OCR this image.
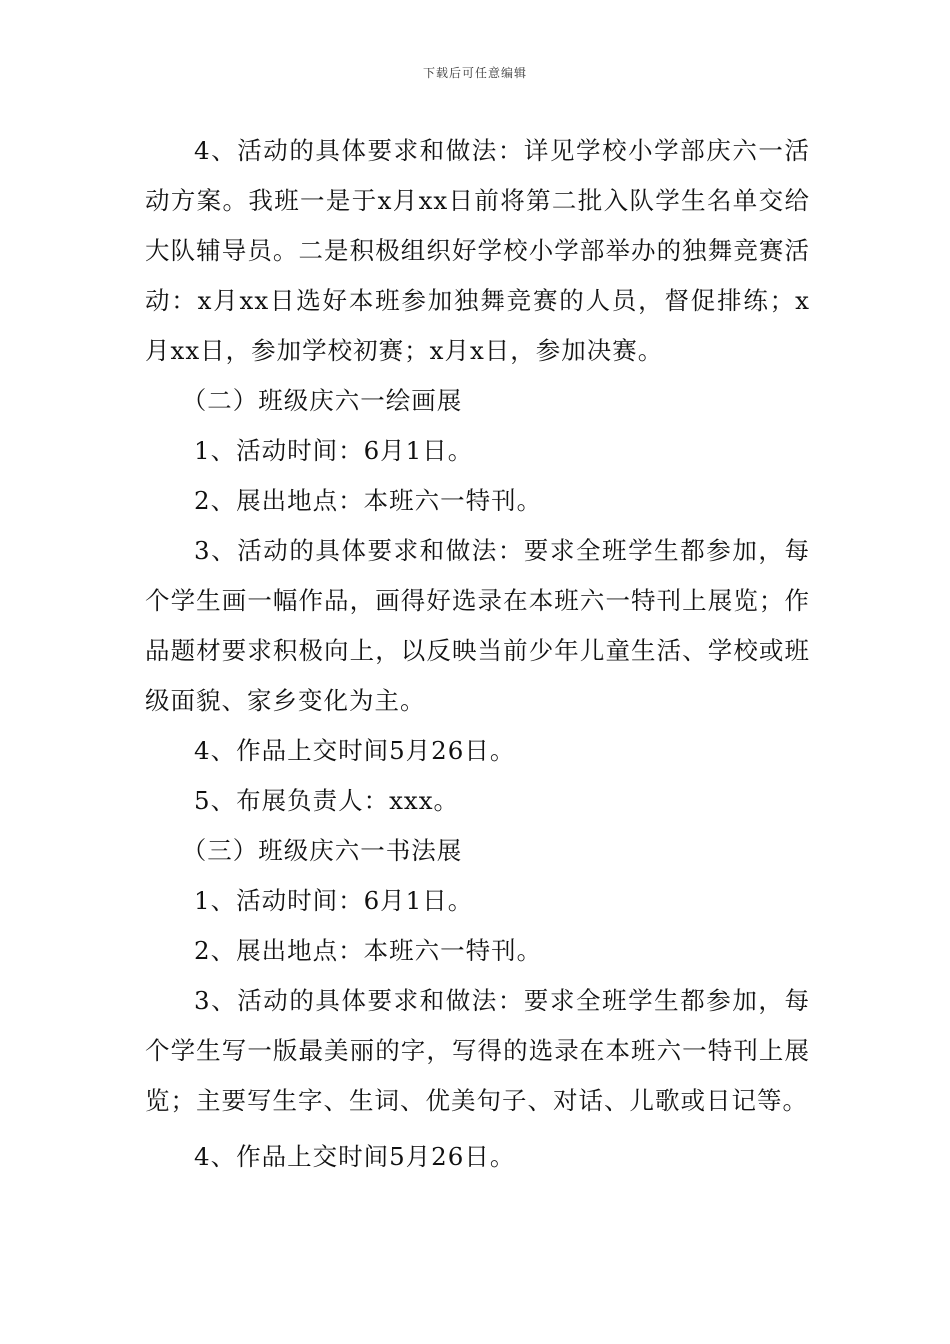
下载后可任意编辑

4、活动的具体要求和做法：详见学校小学部庆六一活动方案。我班一是于x月xx日前将第二批入队学生名单交给大队辅导员。二是积极组织好学校小学部举办的独舞竞赛活动：x月xx日选好本班参加独舞竞赛的人员，督促排练；x月xx日，参加学校初赛；x月x日，参加决赛。

（二）班级庆六一绘画展

1、活动时间：6月1日。

2、展出地点：本班六一特刊。

3、活动的具体要求和做法：要求全班学生都参加，每个学生画一幅作品，画得好选录在本班六一特刊上展览；作品题材要求积极向上，以反映当前少年儿童生活、学校或班级面貌、家乡变化为主。

4、作品上交时间5月26日。

5、布展负责人：xxx。

（三）班级庆六一书法展

1、活动时间：6月1日。

2、展出地点：本班六一特刊。

3、活动的具体要求和做法：要求全班学生都参加，每个学生写一版最美丽的字，写得的选录在本班六一特刊上展览；主要写生字、生词、优美句子、对话、儿歌或日记等。

4、作品上交时间5月26日。
